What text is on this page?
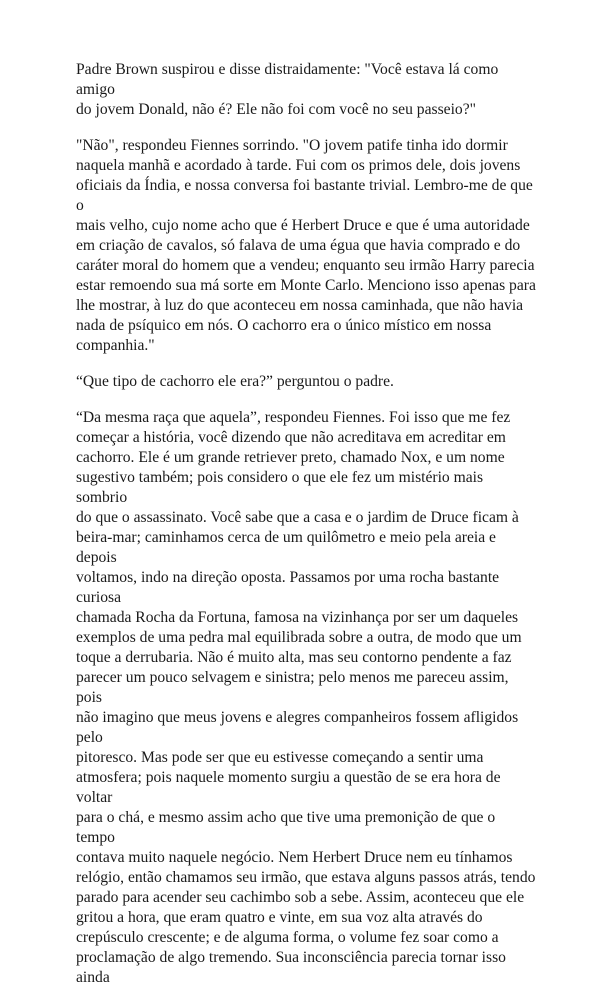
Padre Brown suspirou e disse distraidamente: "Você estava lá como amigo
do jovem Donald, não é? Ele não foi com você no seu passeio?"

"Não", respondeu Fiennes sorrindo. "O jovem patife tinha ido dormir
naquela manhã e acordado à tarde. Fui com os primos dele, dois jovens
oficiais da Índia, e nossa conversa foi bastante trivial. Lembro-me de que o
mais velho, cujo nome acho que é Herbert Druce e que é uma autoridade
em criação de cavalos, só falava de uma égua que havia comprado e do
caráter moral do homem que a vendeu; enquanto seu irmão Harry parecia
estar remoendo sua má sorte em Monte Carlo. Menciono isso apenas para
lhe mostrar, à luz do que aconteceu em nossa caminhada, que não havia
nada de psíquico em nós. O cachorro era o único místico em nossa
companhia."

“Que tipo de cachorro ele era?” perguntou o padre.

“Da mesma raça que aquela”, respondeu Fiennes. Foi isso que me fez
começar a história, você dizendo que não acreditava em acreditar em
cachorro. Ele é um grande retriever preto, chamado Nox, e um nome
sugestivo também; pois considero o que ele fez um mistério mais sombrio
do que o assassinato. Você sabe que a casa e o jardim de Druce ficam à
beira-mar; caminhamos cerca de um quilômetro e meio pela areia e depois
voltamos, indo na direção oposta. Passamos por uma rocha bastante curiosa
chamada Rocha da Fortuna, famosa na vizinhança por ser um daqueles
exemplos de uma pedra mal equilibrada sobre a outra, de modo que um
toque a derrubaria. Não é muito alta, mas seu contorno pendente a faz
parecer um pouco selvagem e sinistra; pelo menos me pareceu assim, pois
não imagino que meus jovens e alegres companheiros fossem afligidos pelo
pitoresco. Mas pode ser que eu estivesse começando a sentir uma
atmosfera; pois naquele momento surgiu a questão de se era hora de voltar
para o chá, e mesmo assim acho que tive uma premonição de que o tempo
contava muito naquele negócio. Nem Herbert Druce nem eu tínhamos
relógio, então chamamos seu irmão, que estava alguns passos atrás, tendo
parado para acender seu cachimbo sob a sebe. Assim, aconteceu que ele
gritou a hora, que eram quatro e vinte, em sua voz alta através do
crepúsculo crescente; e de alguma forma, o volume fez soar como a
proclamação de algo tremendo. Sua inconsciência parecia tornar isso ainda
